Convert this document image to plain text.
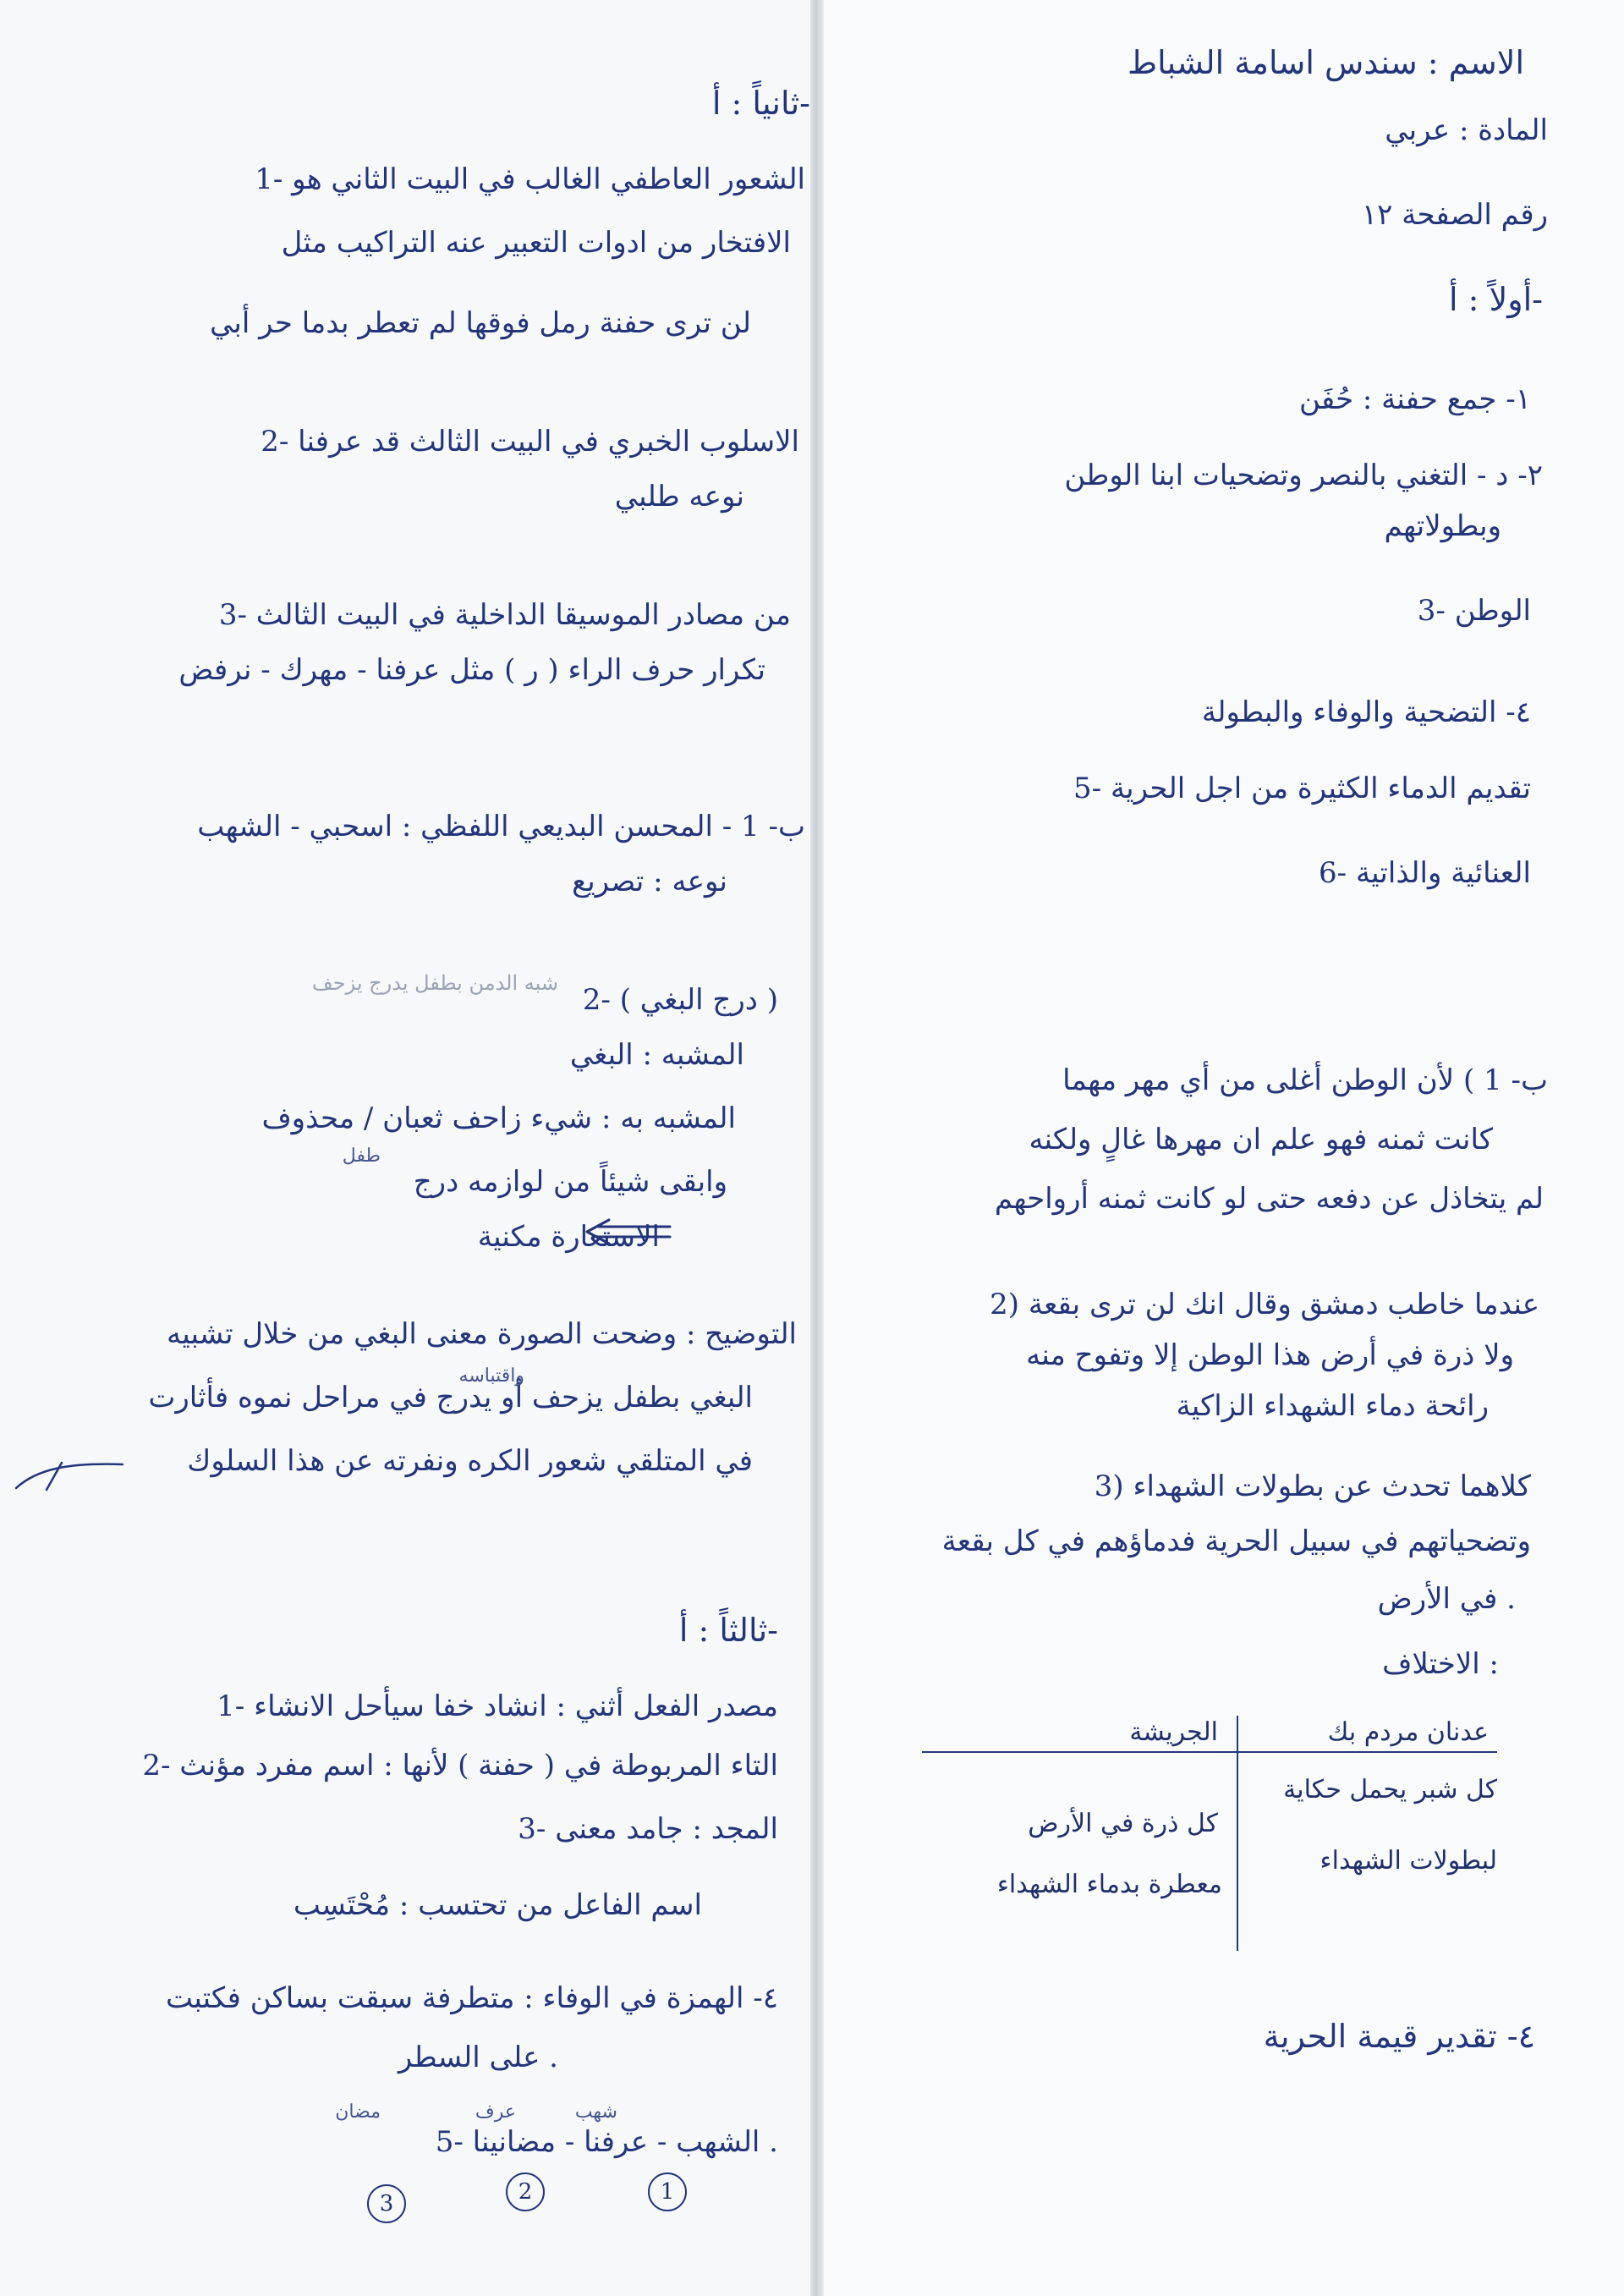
الاسم : سندس اسامة الشباط
المادة : عربي
رقم الصفحة ١٢
أولاً : أ-
١- جمع حفنة : حُفَن
٢- د - التغني بالنصر وتضحيات ابنا الوطن
وبطولاتهم
3- الوطن
٤- التضحية والوفاء والبطولة
5- تقديم الدماء الكثيرة من اجل الحرية
6- العنائية والذاتية
ب- 1 ) لأن الوطن أغلى من أي مهر مهما
كانت ثمنه فهو علم ان مهرها غالٍ ولكنه
لم يتخاذل عن دفعه حتى لو كانت ثمنه أرواحهم
2) عندما خاطب دمشق وقال انك لن ترى بقعة
ولا ذرة في أرض هذا الوطن إلا وتفوح منه
رائحة دماء الشهداء الزاكية
3) كلاهما تحدث عن بطولات الشهداء
وتضحياتهم في سبيل الحرية فدماؤهم في كل بقعة
في الأرض .
الاختلاف :
عدنان مردم بك
الجريشة
كل شبر يحمل حكاية
لبطولات الشهداء
كل ذرة في الأرض
معطرة بدماء الشهداء
٤- تقدير قيمة الحرية
ثانياً : أ-
1- الشعور العاطفي الغالب في البيت الثاني هو
الافتخار من ادوات التعبير عنه التراكيب مثل
لن ترى حفنة رمل فوقها لم تعطر بدما حر أبي
2- الاسلوب الخبري في البيت الثالث قد عرفنا
نوعه طلبي
3- من مصادر الموسيقا الداخلية في البيت الثالث
تكرار حرف الراء ( ر ) مثل عرفنا - مهرك - نرفض
ب- 1 - المحسن البديعي اللفظي : اسحبي - الشهب
نوعه : تصريع
شبه الدمن بطفل يدرج يزحف 2- ( درج البغي )
المشبه : البغي
المشبه به : شيء زاحف ثعبان / محذوف
طفل
وابقى شيئاً من لوازمه درج
الاستعارة مكنية
واقتباسه
التوضيح : وضحت الصورة معنى البغي من خلال تشبيه
البغي بطفل يزحف أو يدرج في مراحل نموه فأثارت
في المتلقي شعور الكره ونفرته عن هذا السلوك
ثالثاً : أ-
1- مصدر الفعل أثني : انشاد خفا سيأحل الانشاء
2- التاء المربوطة في ( حفنة ) لأنها : اسم مفرد مؤنث
3- المجد : جامد معنى
اسم الفاعل من تحتسب : مُحْتَسِب
٤- الهمزة في الوفاء : متطرفة سبقت بساكن فكتبت
على السطر .
شهب
عرف
مضان
5- الشهب - عرفنا - مضانينا .
1
2
3
